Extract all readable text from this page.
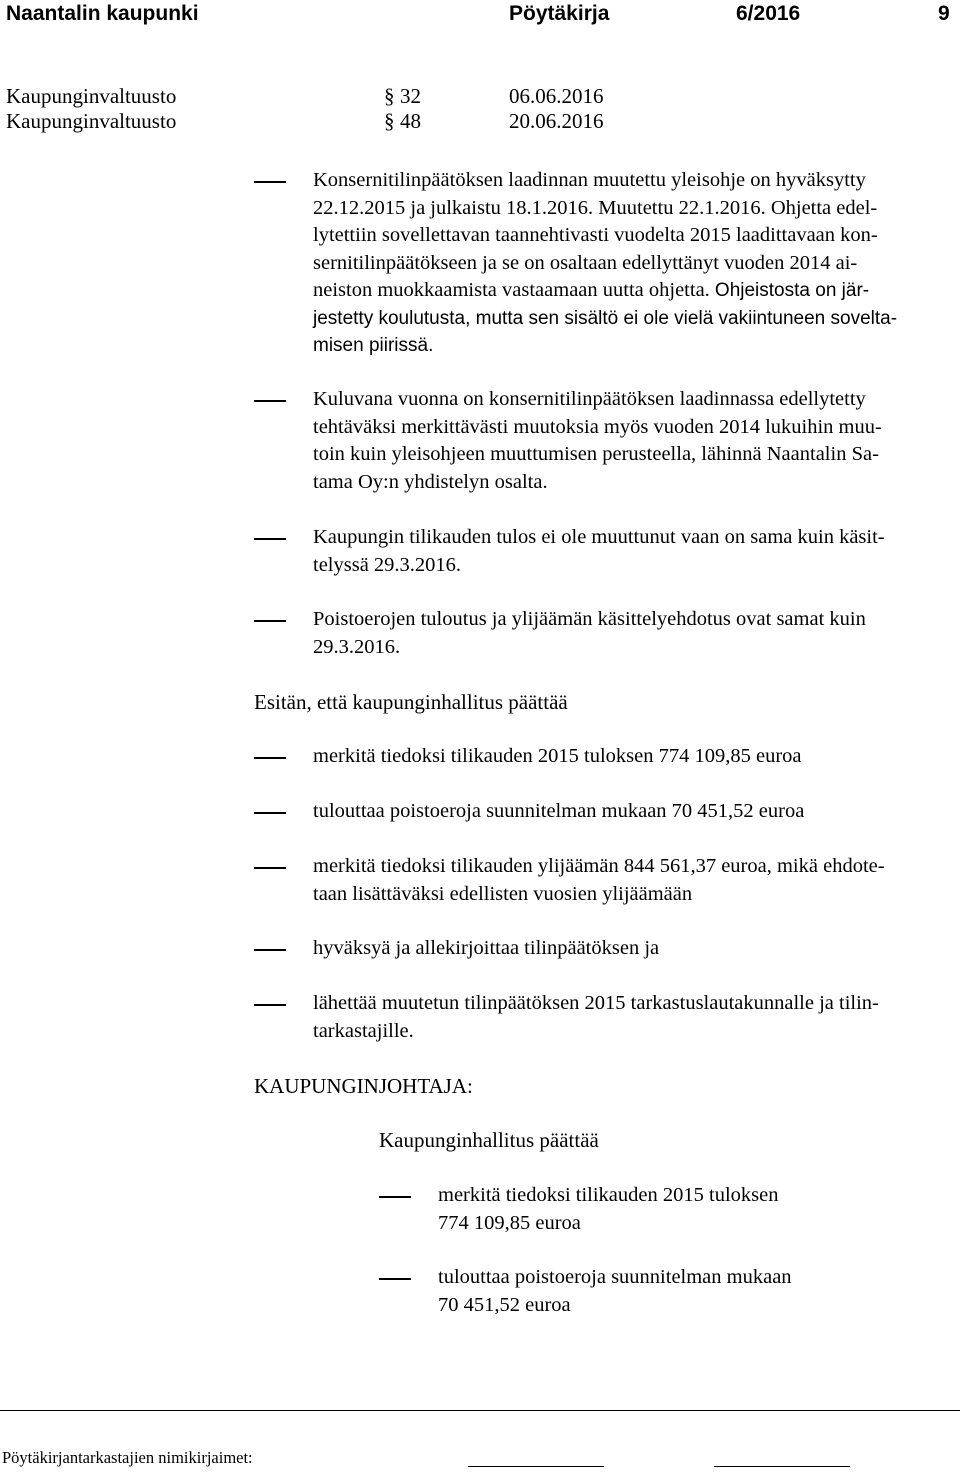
Naantalin kaupunki	Pöytäkirja	6/2016	9
Kaupunginvaltuusto	§ 32	06.06.2016
Kaupunginvaltuusto	§ 48	20.06.2016
Konsernitilinpäätöksen laadinnan muutettu yleisohje on hyväksytty
22.12.2015 ja julkaistu 18.1.2016. Muutettu 22.1.2016. Ohjetta edel-
lytettiin sovellettavan taannehtivasti vuodelta 2015 laadittavaan kon-
sernitilinpäätökseen ja se on osaltaan edellyttänyt vuoden 2014 ai-
neiston muokkaamista vastaamaan uutta ohjetta. Ohjeistosta on jär-
jestetty koulutusta, mutta sen sisältö ei ole vielä vakiintuneen soveltа-
misen piirissä.
Kuluvana vuonna on konsernitilinpäätöksen laadinnassa edellytetty
tehtäväksi merkittävästi muutoksia myös vuoden 2014 lukuihin muu-
toin kuin yleisohjeen muuttumisen perusteella, lähinnä Naantalin Sa-
tama Oy:n yhdistelyn osalta.
Kaupungin tilikauden tulos ei ole muuttunut vaan on sama kuin käsit-
telyssä 29.3.2016.
Poistoerojen tuloutus ja ylijäämän käsittelyehdotus ovat samat kuin
29.3.2016.
Esitän, että kaupunginhallitus päättää
merkitä tiedoksi tilikauden 2015 tuloksen 774 109,85 euroa
tulouttaa poistoeroja suunnitelman mukaan 70 451,52 euroa
merkitä tiedoksi tilikauden ylijäämän 844 561,37 euroa, mikä ehdote-
taan lisättäväksi edellisten vuosien ylijäämään
hyväksyä ja allekirjoittaa tilinpäätöksen ja
lähettää muutetun tilinpäätöksen 2015 tarkastuslautakunnalle ja tilin-
tarkastajille.
KAUPUNGINJOHTAJA:
Kaupunginhallitus päättää
merkitä tiedoksi tilikauden 2015 tuloksen
774 109,85 euroa
tulouttaa poistoeroja suunnitelman mukaan
70 451,52 euroa
Pöytäkirjantarkastajien nimikirjaimet:
